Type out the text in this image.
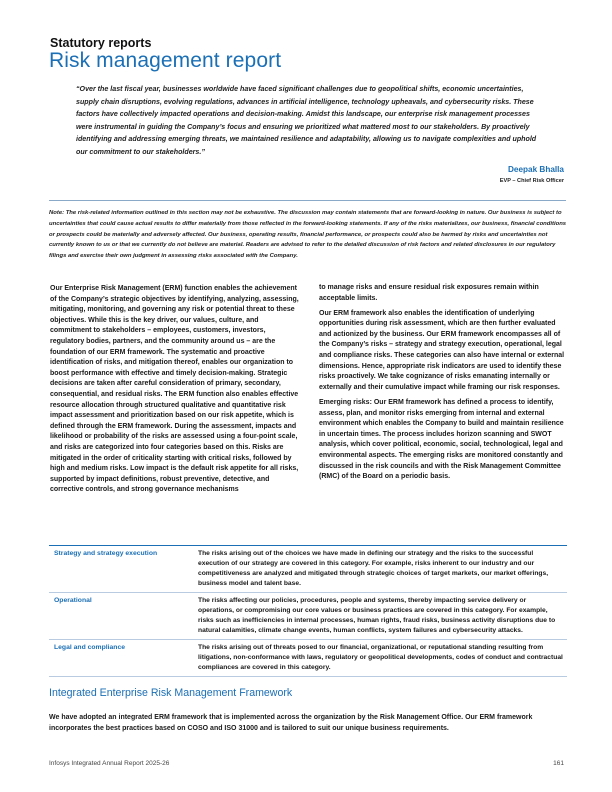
Statutory reports
Risk management report
“Over the last fiscal year, businesses worldwide have faced significant challenges due to geopolitical shifts, economic uncertainties, supply chain disruptions, evolving regulations, advances in artificial intelligence, technology upheavals, and cybersecurity risks. These factors have collectively impacted operations and decision-making. Amidst this landscape, our enterprise risk management processes were instrumental in guiding the Company’s focus and ensuring we prioritized what mattered most to our stakeholders. By proactively identifying and addressing emerging threats, we maintained resilience and adaptability, allowing us to navigate complexities and uphold our commitment to our stakeholders.”
Deepak Bhalla
EVP – Chief Risk Officer
Note: The risk-related information outlined in this section may not be exhaustive. The discussion may contain statements that are forward-looking in nature. Our business is subject to uncertainties that could cause actual results to differ materially from those reflected in the forward-looking statements. If any of the risks materializes, our business, financial conditions or prospects could be materially and adversely affected. Our business, operating results, financial performance, or prospects could also be harmed by risks and uncertainties not currently known to us or that we currently do not believe are material. Readers are advised to refer to the detailed discussion of risk factors and related disclosures in our regulatory filings and exercise their own judgment in assessing risks associated with the Company.

Our Enterprise Risk Management (ERM) function enables the achievement of the Company’s strategic objectives by identifying, analyzing, assessing, mitigating, monitoring, and governing any risk or potential threat to these objectives. While this is the key driver, our values, culture, and commitment to stakeholders – employees, customers, investors, regulatory bodies, partners, and the community around us – are the foundation of our ERM framework. The systematic and proactive identification of risks, and mitigation thereof, enables our organization to boost performance with effective and timely decision-making. Strategic decisions are taken after careful consideration of primary, secondary, consequential, and residual risks. The ERM function also enables effective resource allocation through structured qualitative and quantitative risk impact assessment and prioritization based on our risk appetite, which is defined through the ERM framework. During the assessment, impacts and likelihood or probability of the risks are assessed using a four-point scale, and risks are categorized into four categories based on this. Risks are mitigated in the order of criticality starting with critical risks, followed by high and medium risks. Low impact is the default risk appetite for all risks, supported by impact definitions, robust preventive, detective, and corrective controls, and strong governance mechanisms

to manage risks and ensure residual risk exposures remain within acceptable limits.

Our ERM framework also enables the identification of underlying opportunities during risk assessment, which are then further evaluated and actionized by the business. Our ERM framework encompasses all of the Company’s risks – strategy and strategy execution, operational, legal and compliance risks. These categories can also have internal or external dimensions. Hence, appropriate risk indicators are used to identify these risks proactively. We take cognizance of risks emanating internally or externally and their cumulative impact while framing our risk responses.

Emerging risks: Our ERM framework has defined a process to identify, assess, plan, and monitor risks emerging from internal and external environment which enables the Company to build and maintain resilience in uncertain times. The process includes horizon scanning and SWOT analysis, which cover political, economic, social, technological, legal and environmental aspects. The emerging risks are monitored constantly and discussed in the risk councils and with the Risk Management Committee (RMC) of the Board on a periodic basis.

Strategy and strategy execution	The risks arising out of the choices we have made in defining our strategy and the risks to the successful execution of our strategy are covered in this category. For example, risks inherent to our industry and our competitiveness are analyzed and mitigated through strategic choices of target markets, our market offerings, business model and talent base.
Operational	The risks affecting our policies, procedures, people and systems, thereby impacting service delivery or operations, or compromising our core values or business practices are covered in this category. For example, risks such as inefficiencies in internal processes, human rights, fraud risks, business activity disruptions due to natural calamities, climate change events, human conflicts, system failures and cybersecurity attacks.
Legal and compliance	The risks arising out of threats posed to our financial, organizational, or reputational standing resulting from litigations, non-conformance with laws, regulatory or geopolitical developments, codes of conduct and contractual compliances are covered in this category.
Integrated Enterprise Risk Management Framework
We have adopted an integrated ERM framework that is implemented across the organization by the Risk Management Office. Our ERM framework incorporates the best practices based on COSO and ISO 31000 and is tailored to suit our unique business requirements.
Infosys Integrated Annual Report 2025-26	161
